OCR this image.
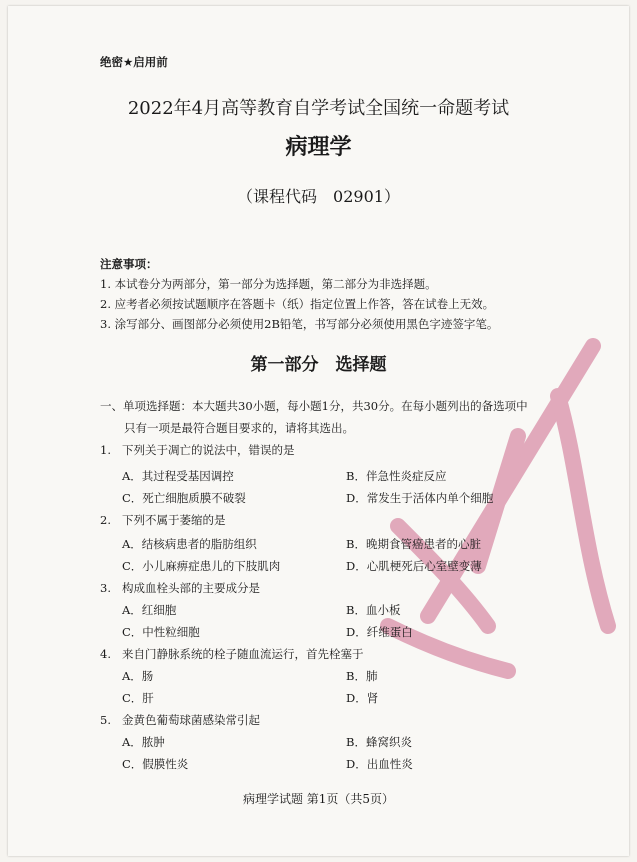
绝密★启用前
2022年4月高等教育自学考试全国统一命题考试
病理学
（课程代码　02901）
注意事项：
1. 本试卷分为两部分，第一部分为选择题，第二部分为非选择题。
2. 应考者必须按试题顺序在答题卡（纸）指定位置上作答，答在试卷上无效。
3. 涂写部分、画图部分必须使用2B铅笔，书写部分必须使用黑色字迹签字笔。
第一部分　选择题
一、单项选择题：本大题共30小题，每小题1分，共30分。在每小题列出的备选项中
只有一项是最符合题目要求的，请将其选出。
1. 下列关于凋亡的说法中，错误的是
A．其过程受基因调控	B．伴急性炎症反应
C．死亡细胞质膜不破裂	D．常发生于活体内单个细胞
2. 下列不属于萎缩的是
A．结核病患者的脂肪组织	B．晚期食管癌患者的心脏
C．小儿麻痹症患儿的下肢肌肉	D．心肌梗死后心室壁变薄
3. 构成血栓头部的主要成分是
A．红细胞	B．血小板
C．中性粒细胞	D．纤维蛋白
4. 来自门静脉系统的栓子随血流运行，首先栓塞于
A．肠	B．肺
C．肝	D．肾
5. 金黄色葡萄球菌感染常引起
A．脓肿	B．蜂窝织炎
C．假膜性炎	D．出血性炎
病理学试题 第1页（共5页）
